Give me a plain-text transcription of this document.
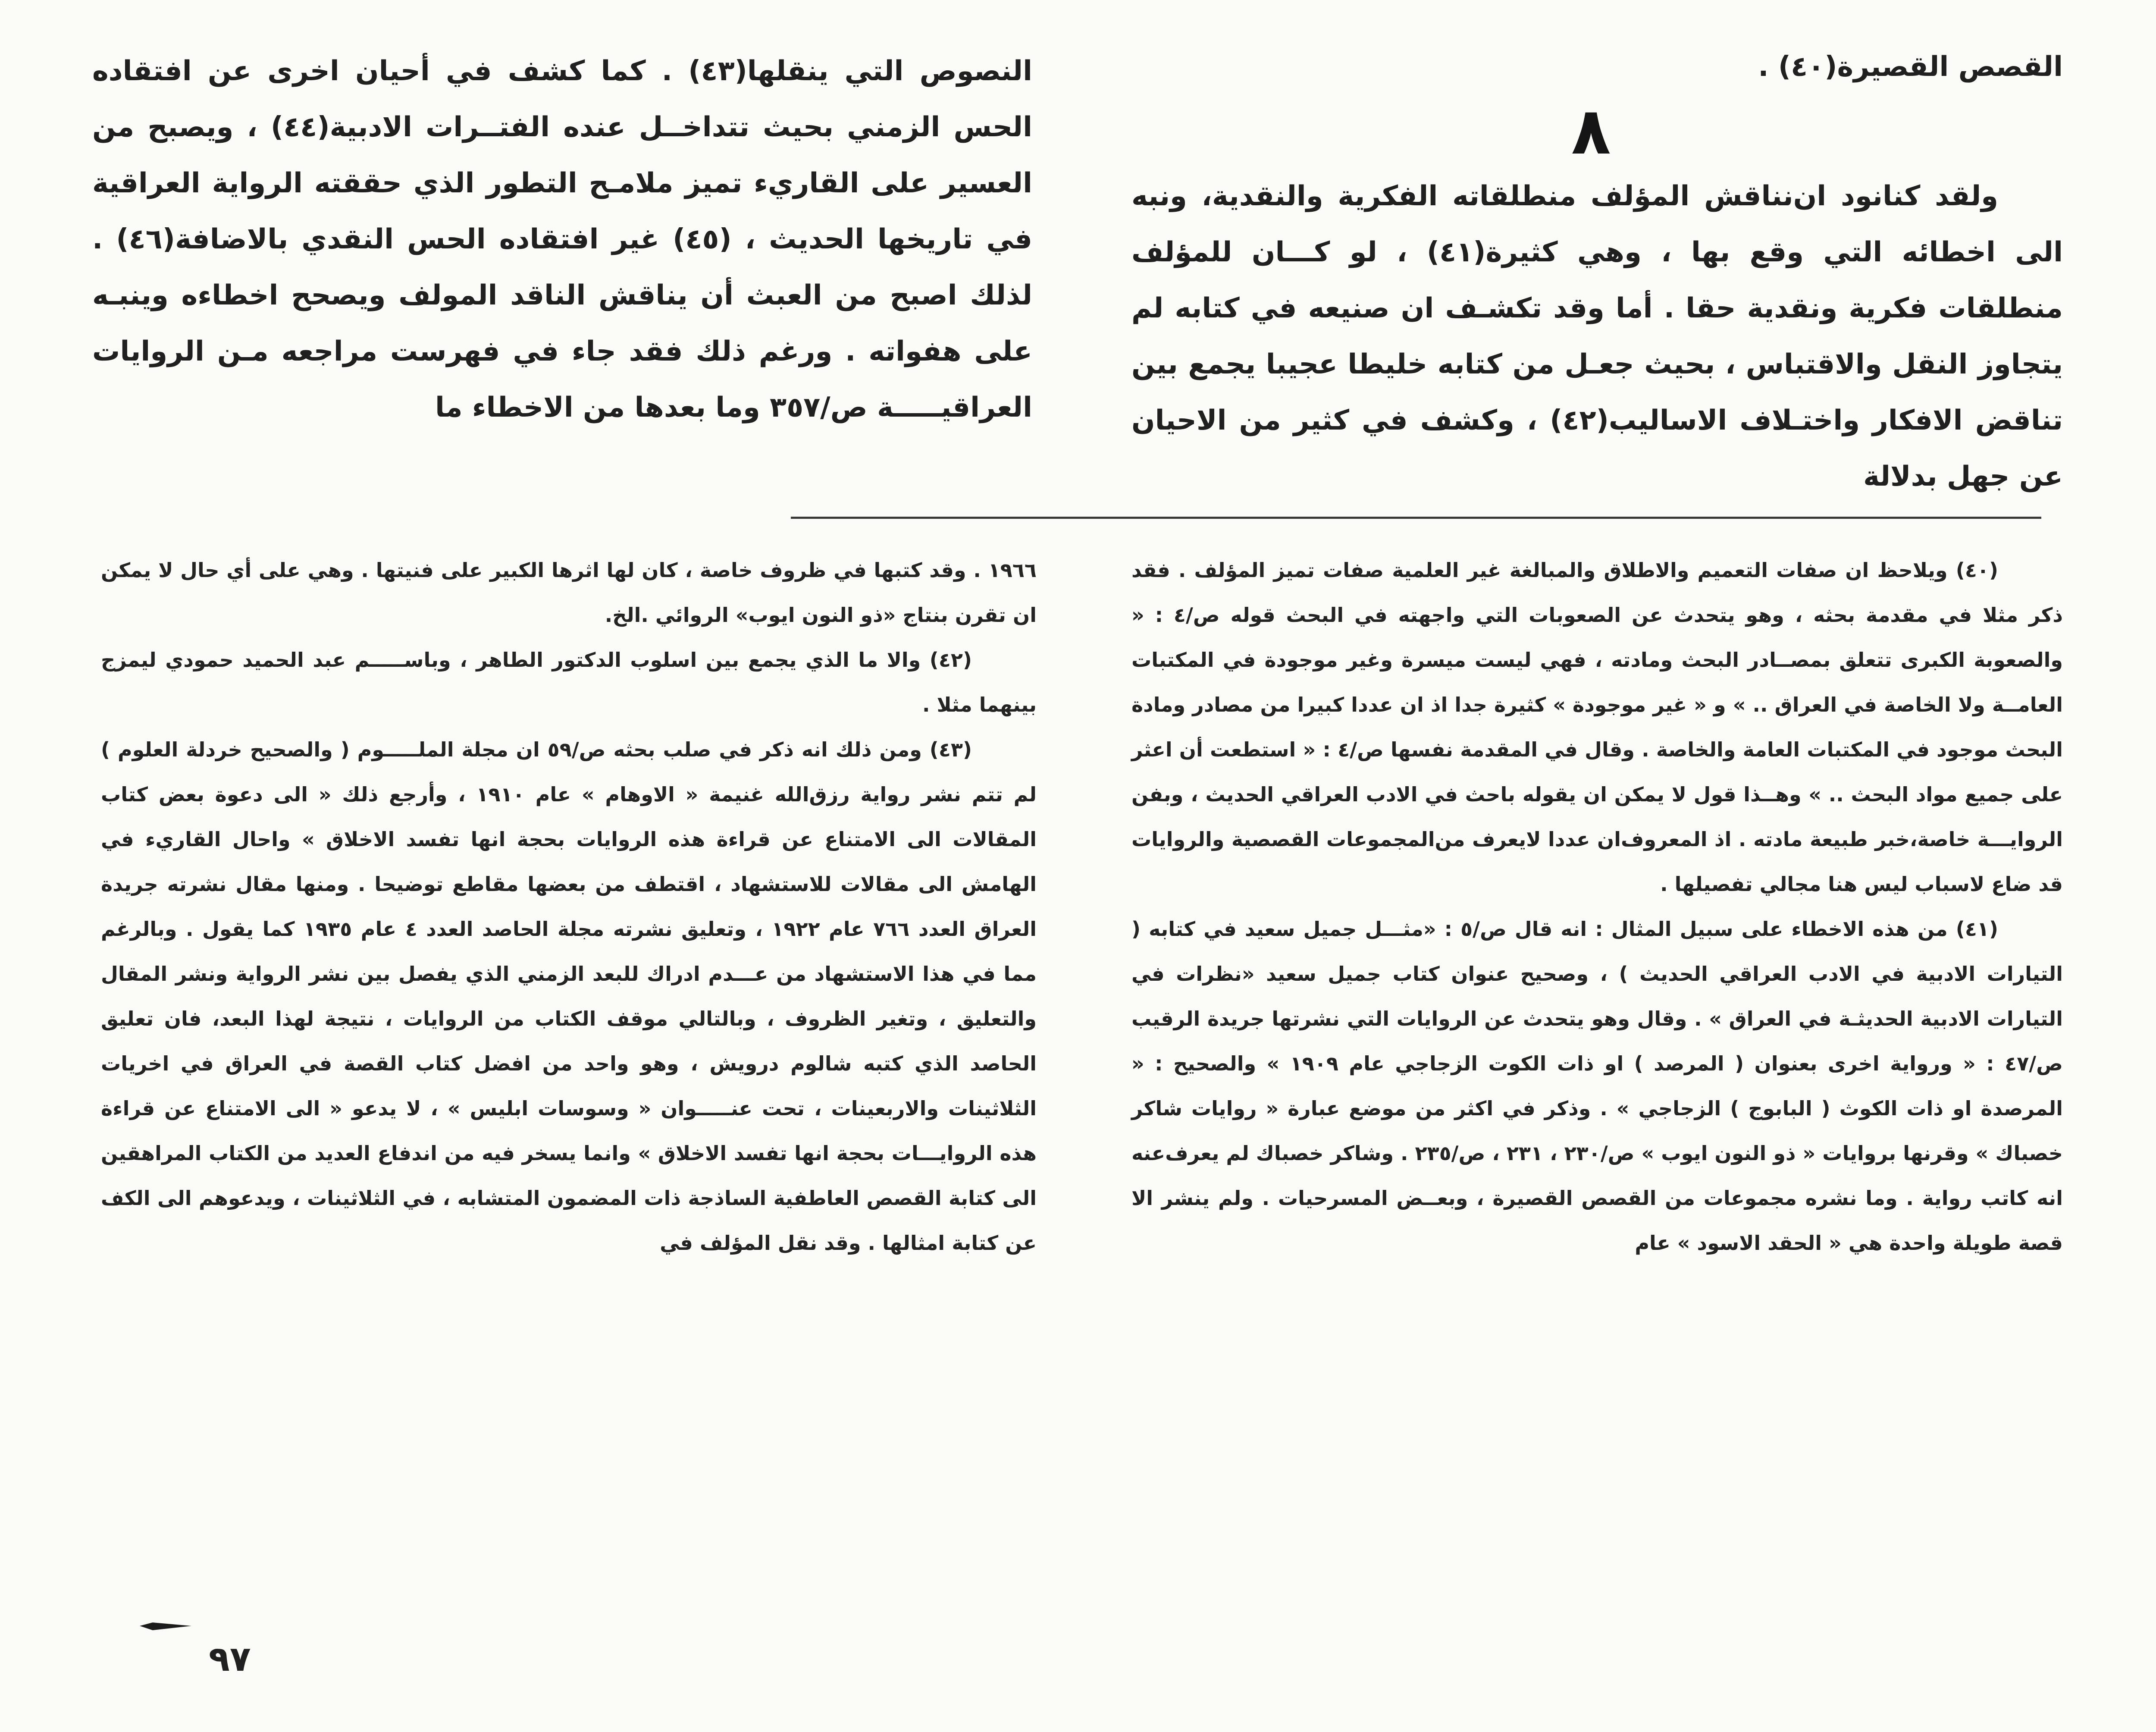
٨

القصص القصيرة(٤٠) .

ولقد كنانود ان‌نناقش المؤلف منطلقاته الفكرية والنقدية، ونبه الى اخطائه التي وقع بها ، وهي كثيرة(٤١) ، لو كـــان للمؤلف منطلقات فكرية ونقدية حقا . أما وقد تكشـف ان صنيعه في كتابه لم يتجاوز النقل والاقتباس ، بحيث جعـل من كتابه خليطا عجيبا يجمع بين تناقض الافكار واختـلاف الاساليب(٤٢) ، وكشف في كثير من الاحيان عن جهل بدلالة

النصوص التي ينقلها(٤٣) . كما كشف في أحيان اخرى عن افتقاده الحس الزمني بحيث تتداخــل عنده الفتــرات الادبية(٤٤) ، ويصبح من العسير على القاريء تميز ملامـح التطور الذي حققته الرواية العراقية في تاريخها الحديث ، (٤٥) غير افتقاده الحس النقدي بالاضافة(٤٦) . لذلك اصبح من العبث أن يناقش الناقد المولف ويصحح اخطاءه وينبـه على هفواته . ورغم ذلك فقد جاء في فهرست مراجعه مـن الروايات العراقيـــــة ص/٣٥٧ وما بعدها من الاخطاء ما

(٤٠) ويلاحظ ان صفات التعميم والاطلاق والمبالغة غير العلمية صفات تميز المؤلف . فقد ذكر مثلا في مقدمة بحثه ، وهو يتحدث عن الصعوبات التي واجهته في البحث قوله ص/٤ : « والصعوبة الكبرى تتعلق بمصــادر البحث ومادته ، فهي ليست ميسرة وغير موجودة في المكتبات العامــة ولا الخاصة في العراق .. » و « غير موجودة » كثيرة جدا اذ ان عددا كبيرا من مصادر ومادة البحث موجود في المكتبات العامة والخاصة . وقال في المقدمة نفسها ص/٤ : « استطعت أن اعثر على جميع مواد البحث .. » وهــذا قول لا يمكن ان يقوله باحث في الادب العراقي الحديث ، وبفن الروايـــة خاصة،خبر طبيعة مادته . اذ المعروف‌ان عددا لايعرف من‌المجموعات القصصية والروايات قد ضاع لاسباب ليس هنا مجالي تفصيلها .

(٤١) من هذه الاخطاء على سبيل المثال : انه قال ص/٥ : «مثـــل جميل سعيد في كتابه ( التيارات الادبية في الادب العراقي الحديث ) ، وصحيح عنوان كتاب جميل سعيد «نظرات في التيارات الادبية الحديثـة في العراق » . وقال وهو يتحدث عن الروايات التي نشرتها جريدة الرقيب ص/٤٧ : « ورواية اخرى بعنوان ( المرصد ) او ذات الكوت الزجاجي عام ١٩٠٩ » والصحيح : « المرصدة او ذات الكوث ( البابوج ) الزجاجي » . وذكر في اكثر من موضع عبارة « روايات شاكر خصباك » وقرنها بروايات « ذو النون ايوب » ص/٢٣٠ ، ٢٣١ ، ص/٢٣٥ . وشاكر خصباك لم يعرف‌عنه انه كاتب رواية . وما نشره مجموعات من القصص القصيرة ، وبعــض المسرحيات . ولم ينشر الا قصة طويلة واحدة هي « الحقد الاسود » عام

١٩٦٦ . وقد كتبها في ظروف خاصة ، كان لها اثرها الكبير على فنيتها . وهي على أي حال لا يمكن ان تقرن بنتاج «ذو النون ايوب» الروائي .الخ.

(٤٢) والا ما الذي يجمع بين اسلوب الدكتور الطاهر ، وباســـــم عبد الحميد حمودي ليمزج بينهما مثلا .

(٤٣) ومن ذلك انه ذكر في صلب بحثه ص/٥٩ ان مجلة الملـــــوم ( والصحيح خردلة العلوم ) لم تتم نشر رواية رزق‌الله غنيمة « الاوهام » عام ١٩١٠ ، وأرجع ذلك « الى دعوة بعض كتاب المقالات الى الامتناع عن قراءة هذه الروايات بحجة انها تفسد الاخلاق » واحال القاريء في الهامش الى مقالات للاستشهاد ، اقتطف من بعضها مقاطع توضيحا . ومنها مقال نشرته جريدة العراق العدد ٧٦٦ عام ١٩٢٢ ، وتعليق نشرته مجلة الحاصد العدد ٤ عام ١٩٣٥ كما يقول . وبالرغم مما في هذا الاستشهاد من عـــدم ادراك للبعد الزمني الذي يفصل بين نشر الرواية ونشر المقال والتعليق ، وتغير الظروف ، وبالتالي موقف الكتاب من الروايات ، نتيجة لهذا البعد، فان تعليق الحاصد الذي كتبه شالوم درويش ، وهو واحد من افضل كتاب القصة في العراق في اخريات الثلاثينات والاربعينات ، تحت عنـــــوان « وسوسات ابليس » ، لا يدعو « الى الامتناع عن قراءة هذه الروايـــات بحجة انها تفسد الاخلاق » وانما يسخر فيه من اندفاع العديد من الكتاب المراهقين الى كتابة القصص العاطفية الساذجة ذات المضمون المتشابه ، في الثلاثينات ، ويدعوهم الى الكف عن كتابة امثالها . وقد نقل المؤلف في

٩٧
